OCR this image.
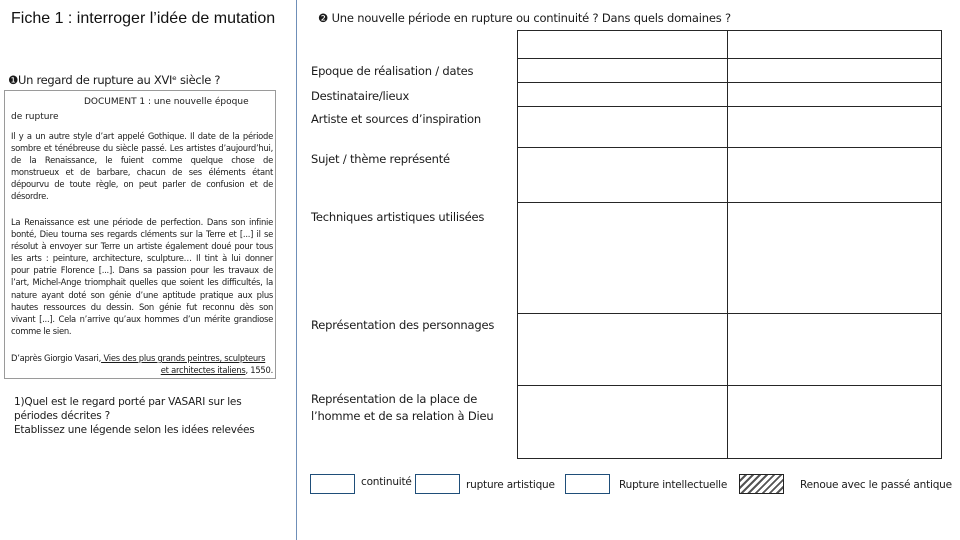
Fiche 1 : interroger l’idée de mutation	❷ Une nouvelle période en rupture ou continuité ? Dans quels domaines ?
❶Un regard de rupture au XVIᵉ siècle ?
DOCUMENT 1 : une nouvelle époque
de rupture
Il y a un autre style d’art appelé Gothique. Il date de la période sombre et ténébreuse du siècle passé. Les artistes d’aujourd’hui, de la Renaissance, le fuient comme quelque chose de monstrueux et de barbare, chacun de ses éléments étant dépourvu de toute règle, on peut parler de confusion et de désordre.
La Renaissance est une période de perfection. Dans son infinie bonté, Dieu tourna ses regards cléments sur la Terre et [...] il se résolut à envoyer sur Terre un artiste également doué pour tous les arts : peinture, architecture, sculpture… Il tint à lui donner pour patrie Florence [...]. Dans sa passion pour les travaux de l’art, Michel-Ange triomphait quelles que soient les difficultés, la nature ayant doté son génie d’une aptitude pratique aux plus hautes ressources du dessin. Son génie fut reconnu dès son vivant [...]. Cela n’arrive qu’aux hommes d’un mérite grandiose comme le sien.
D’après Giorgio Vasari, Vies des plus grands peintres, sculpteurs
et architectes italiens, 1550.
1)Quel est le regard porté par VASARI sur les périodes décrites ?
Etablissez une légende selon les idées relevées
Epoque de réalisation / dates
Destinataire/lieux
Artiste et sources d’inspiration
Sujet / thème représenté
Techniques artistiques utilisées
Représentation des personnages
Représentation de la place de l’homme et de sa relation à Dieu
continuité	rupture artistique	Rupture intellectuelle	Renoue avec le passé antique
